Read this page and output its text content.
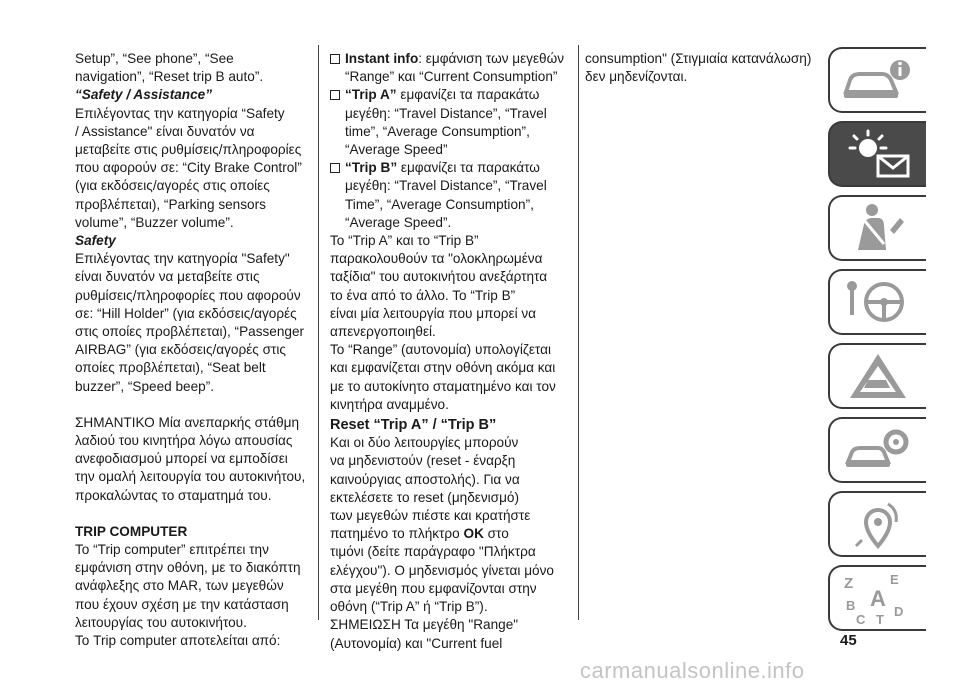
Setup”, “See phone”, “See
navigation”, “Reset trip B auto”.

“Safety / Assistance”

Επιλέγοντας την κατηγορία “Safety
/ Assistance" είναι δυνατόν να
μεταβείτε στις ρυθμίσεις/πληροφορίες
που αφορούν σε: “City Brake Control”
(για εκδόσεις/αγορές στις οποίες
προβλέπεται), “Parking sensors
volume”, “Buzzer volume”.

Safety

Επιλέγοντας την κατηγορία "Safety"
είναι δυνατόν να μεταβείτε στις
ρυθμίσεις/πληροφορίες που αφορούν
σε: “Hill Holder” (για εκδόσεις/αγορές
στις οποίες προβλέπεται), “Passenger
AIRBAG” (για εκδόσεις/αγορές στις
οποίες προβλέπεται), “Seat belt
buzzer”, “Speed beep”.

ΣΗΜΑΝΤΙΚΟ Μία ανεπαρκής στάθμη
λαδιού του κινητήρα λόγω απουσίας
ανεφοδιασμού μπορεί να εμποδίσει
την ομαλή λειτουργία του αυτοκινήτου,
προκαλώντας το σταματημά του.

TRIP COMPUTER

Το “Trip computer” επιτρέπει την
εμφάνιση στην οθόνη, με το διακόπτη
ανάφλεξης στο MAR, των μεγεθών
που έχουν σχέση με την κατάσταση
λειτουργίας του αυτοκινήτου.
Το Trip computer αποτελείται από:

Instant info: εμφάνιση των μεγεθών
“Range” και “Current Consumption”

“Trip A” εμφανίζει τα παρακάτω
μεγέθη: “Travel Distance”, “Travel
time”, “Average Consumption”,
“Average Speed”

“Trip B” εμφανίζει τα παρακάτω
μεγέθη: “Travel Distance”, “Travel
Time”, “Average Consumption”,
“Average Speed”.

Το “Trip A” και το “Trip B”
παρακολουθούν τα "ολοκληρωμένα
ταξίδια" του αυτοκινήτου ανεξάρτητα
το ένα από το άλλο. Το “Trip B”
είναι μία λειτουργία που μπορεί να
απενεργοποιηθεί.

Το “Range” (αυτονομία) υπολογίζεται
και εμφανίζεται στην οθόνη ακόμα και
με το αυτοκίνητο σταματημένο και τον
κινητήρα αναμμένο.

Reset “Trip A” / “Trip B”

Και οι δύο λειτουργίες μπορούν
να μηδενιστούν (reset - έναρξη
καινούργιας αποστολής). Για να
εκτελέσετε το reset (μηδενισμό)
των μεγεθών πιέστε και κρατήστε
πατημένο το πλήκτρο OK στο
τιμόνι (δείτε παράγραφο "Πλήκτρα
ελέγχου"). Ο μηδενισμός γίνεται μόνο
στα μεγέθη που εμφανίζονται στην
οθόνη (“Trip A” ή “Trip B”).
ΣΗΜΕΙΩΣΗ Τα μεγέθη "Range"
(Αυτονομία) και "Current fuel

consumption" (Στιγμιαία κατανάλωση)
δεν μηδενίζονται.

Z	E
A
B
C T
D
45
carmanualsonline.info
